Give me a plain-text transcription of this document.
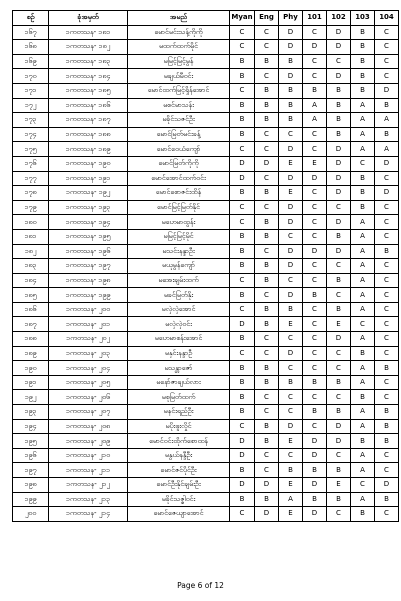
စဉ်	ခုံအမှတ်	အမည်	Myan	Eng	Phy	101	102	103	104
၁၆၇	၁ကတသန- ၁၈၁	မောင်မင်းသန့်ကိုကို	C	C	D	C	D	B	C
၁၆၈	၁ကတသန- ၁၈၂	မထက်ထက်မိုင်	C	C	D	D	D	B	C
၁၆၉	၁ကတသန- ၁၈၃	မမြင့်မြင့်မွန်	B	B	B	C	C	B	C
၁၇၀	၁ကတသန- ၁၈၄	မချယ်မီဝင်း	B	C	D	C	D	B	C
၁၇၁	၁ကတသန- ၁၈၅	မောင်ထက်မြင့်ရှိန်အောင်	C	B	B	B	B	B	D
၁၇၂	၁ကတသန- ၁၈၆	မစင်မာသန်း	B	B	B	A	B	A	B
၁၇၃	၁ကတသန- ၁၈၇	မခိုင်သဇင်ဦး	B	B	B	A	B	A	A
၁၇၄	၁ကတသန- ၁၈၈	မောင်မြတ်မင်းခန့်	B	C	C	C	B	A	B
၁၇၅	၁ကတသန- ၁၈၉	မောင်ဝေယံကျော်	C	C	D	C	D	A	A
၁၇၆	၁ကတသန- ၁၉၀	မောင်မြတ်ကိုကို	D	D	E	E	D	C	D
၁၇၇	၁ကတသန- ၁၉၁	မောင်အောင်ထက်ဝင်း	D	C	D	D	D	B	C
၁၇၈	၁ကတသန- ၁၉၂	မောင်စောဇင်းထိန်	B	B	E	C	D	B	D
၁၇၉	၁ကတသန- ၁၉၃	မောင်မြင့်မြတ်နိုင်	C	C	D	C	C	B	C
၁၈၀	၁ကတသန- ၁၉၄	မဟေမာထွန်း	C	B	D	C	D	A	C
၁၈၁	၁ကတသန- ၁၉၅	မမြင့်မြင့်မိုင်	B	B	C	C	B	A	C
၁၈၂	၁ကတသန- ၁၉၆	မသင်းနန္ဒာဦး	B	C	D	D	D	A	B
၁၈၃	၁ကတသန- ၁၉၇	မယုမွန်ကျော်	B	B	D	C	C	A	C
၁၈၄	၁ကတသန- ၁၉၈	မအေးချမ်းထက်	C	B	C	C	B	A	C
၁၈၅	၁ကတသန- ၁၉၉	မခင်မြတ်နိုး	B	C	D	B	C	A	C
၁၈၆	၁ကတသန- ၂၀၀	မလှဲလှဲအောင်	C	B	B	C	B	A	C
၁၈၇	၁ကတသန- ၂၀၁	မလှဲလှဲဝင်း	D	B	E	C	E	C	C
၁၈၈	၁ကတသန- ၂၀၂	မဟေမာစန်းအောင်	B	C	C	C	D	A	C
၁၈၉	၁ကတသန- ၂၀၃	မနှင်းနန္ဒာဦ	C	C	D	C	C	B	C
၁၉၀	၁ကတသန- ၂၀၄	မသန္တာဇော်	B	B	C	C	C	A	B
၁၉၁	၁ကတသန- ၂၀၅	မနော်ဇာချယ်လား	B	B	B	B	B	A	C
၁၉၂	၁ကတသန- ၂၀၆	မစုမြတ်ထက်	B	C	C	C	C	B	C
၁၉၃	၁ကတသန- ၂၀၇	မနင်းရည်ဦး	B	C	C	B	B	A	B
၁၉၄	၁ကတသန- ၂၀၈	မပိုးဖူးလှိုင်	C	B	D	C	D	A	B
၁၉၅	၁ကတသန- ၂၀၉	မောင်ဝင်းထိုက်စောထန်	D	B	E	D	D	B	B
၁၉၆	၁ကတသန- ၂၁၀	မနွယ်နန္ဒီဦး	D	C	C	D	C	A	C
၁၉၇	၁ကတသန- ၂၁၁	မောင်ဇင်ပိုင်ဦး	B	C	B	B	B	A	C
၁၉၈	၁ကတသန- ၂၁၂	မောင်ဦးနိုင်ချမ်းဦး	D	D	E	D	E	C	D
၁၉၉	၁ကတသန- ၂၁၃	မခိုင်သဇ္ဇါဝင်း	B	B	A	B	B	A	B
၂၀၀	၁ကတသန- ၂၁၄	မောင်ဇေယျာအောင်	C	D	E	D	C	B	C
Page 6 of 12
